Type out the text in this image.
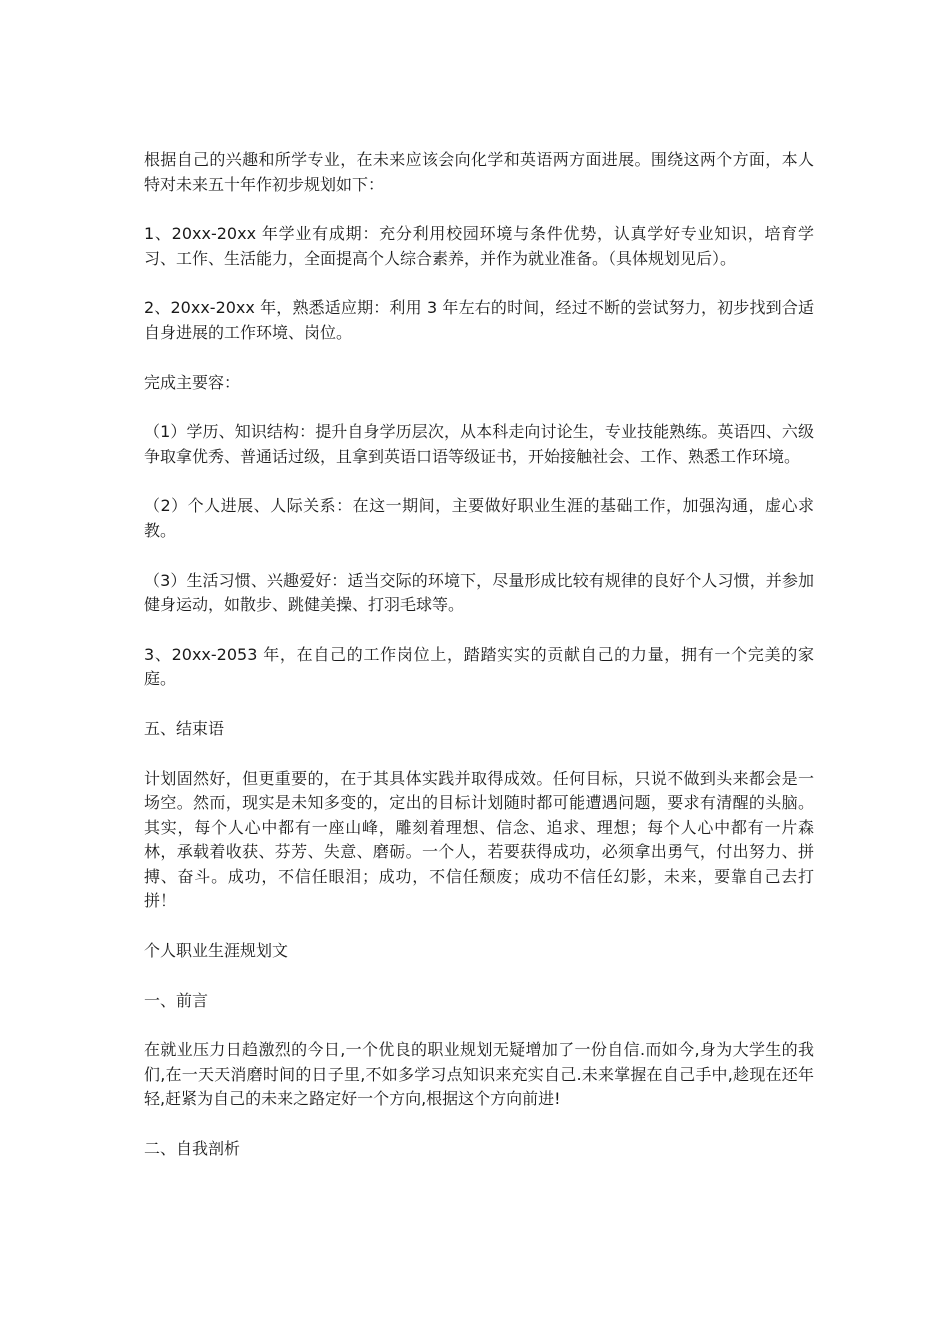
根据自己的兴趣和所学专业，在未来应该会向化学和英语两方面进展。围绕这两个方面，本人特对未来五十年作初步规划如下：

1、20xx-20xx 年学业有成期：充分利用校园环境与条件优势，认真学好专业知识，培育学习、工作、生活能力，全面提高个人综合素养，并作为就业准备。（具体规划见后）。

2、20xx-20xx 年，熟悉适应期：利用 3 年左右的时间，经过不断的尝试努力，初步找到合适自身进展的工作环境、岗位。

完成主要容：

（1）学历、知识结构：提升自身学历层次，从本科走向讨论生，专业技能熟练。英语四、六级争取拿优秀、普通话过级，且拿到英语口语等级证书，开始接触社会、工作、熟悉工作环境。

（2）个人进展、人际关系：在这一期间，主要做好职业生涯的基础工作，加强沟通，虚心求教。

（3）生活习惯、兴趣爱好：适当交际的环境下，尽量形成比较有规律的良好个人习惯，并参加健身运动，如散步、跳健美操、打羽毛球等。

3、20xx-2053 年，在自己的工作岗位上，踏踏实实的贡献自己的力量，拥有一个完美的家庭。

五、结束语

计划固然好，但更重要的，在于其具体实践并取得成效。任何目标，只说不做到头来都会是一场空。然而，现实是未知多变的，定出的目标计划随时都可能遭遇问题，要求有清醒的头脑。其实，每个人心中都有一座山峰，雕刻着理想、信念、追求、理想；每个人心中都有一片森林，承载着收获、芬芳、失意、磨砺。一个人，若要获得成功，必须拿出勇气，付出努力、拼搏、奋斗。成功，不信任眼泪；成功，不信任颓废；成功不信任幻影，未来，要靠自己去打拼！

个人职业生涯规划文

一、前言

在就业压力日趋激烈的今日,一个优良的职业规划无疑增加了一份自信.而如今,身为大学生的我们,在一天天消磨时间的日子里,不如多学习点知识来充实自己.未来掌握在自己手中,趁现在还年轻,赶紧为自己的未来之路定好一个方向,根据这个方向前进!

二、自我剖析
